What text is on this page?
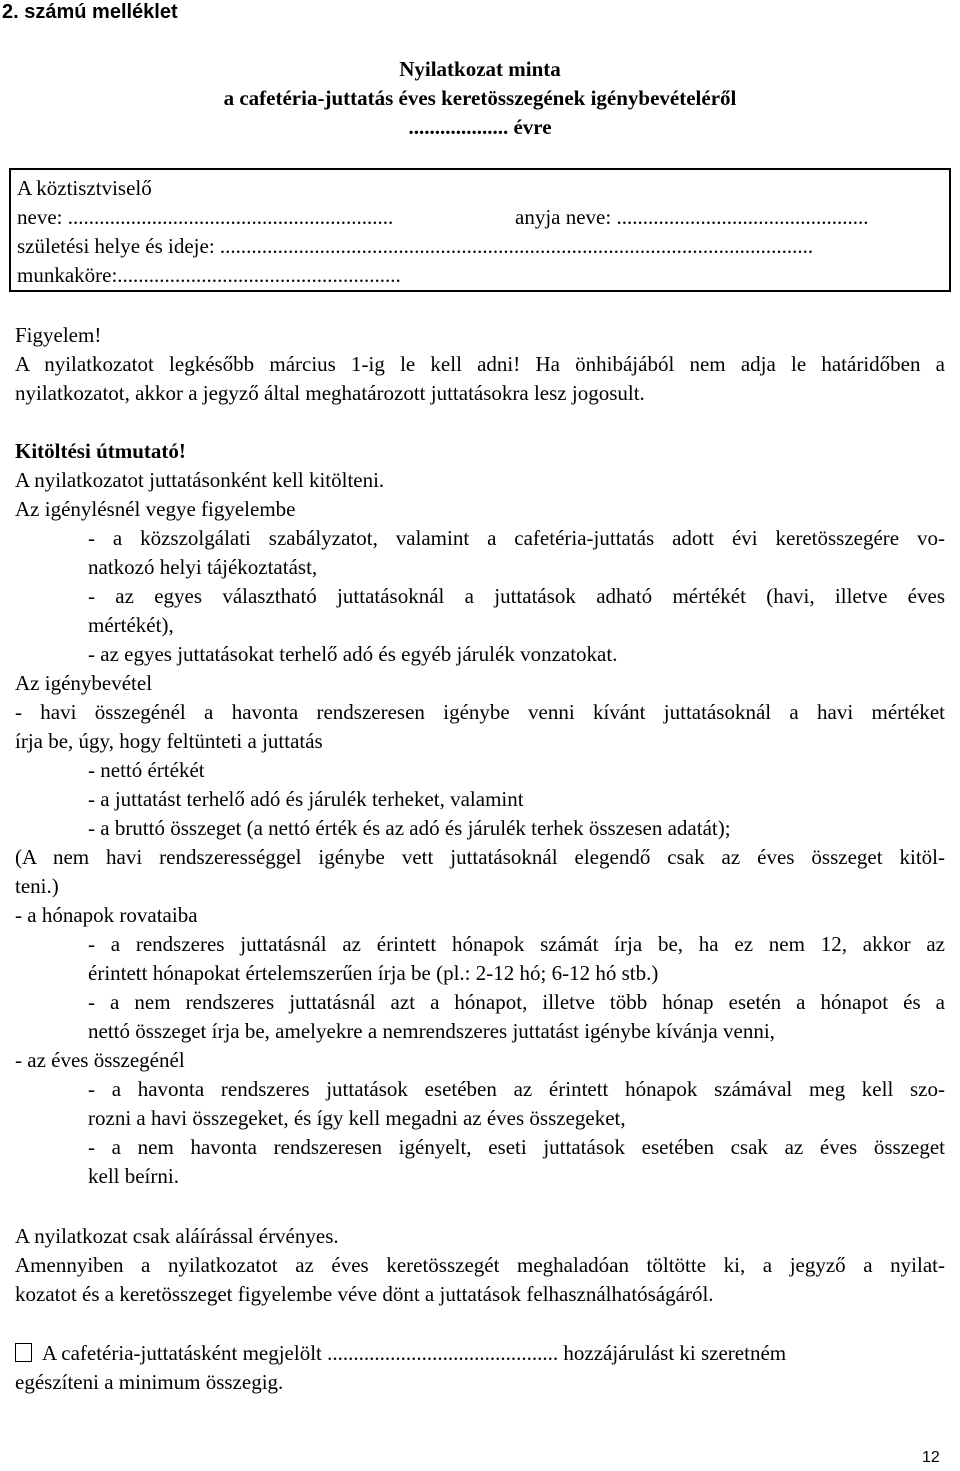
2. számú melléklet
Nyilatkozat minta
a cafetéria-juttatás éves keretösszegének igénybevételéről
................... évre
A köztisztviselő
neve: ..............................................................	anyja neve: ................................................
születési helye és ideje: .................................................................................................................
munkaköre:......................................................
Figyelem!
A nyilatkozatot legkésőbb március 1-ig le kell adni! Ha önhibájából nem adja le határidőben a
nyilatkozatot, akkor a jegyző által meghatározott juttatásokra lesz jogosult.
Kitöltési útmutató!
A nyilatkozatot juttatásonként kell kitölteni.
Az igénylésnél vegye figyelembe
- a közszolgálati szabályzatot, valamint a cafetéria-juttatás adott évi keretösszegére vo-
natkozó helyi tájékoztatást,
- az egyes választható juttatásoknál a juttatások adható mértékét (havi, illetve éves
mértékét),
- az egyes juttatásokat terhelő adó és egyéb járulék vonzatokat.
Az igénybevétel
- havi összegénél a havonta rendszeresen igénybe venni kívánt juttatásoknál a havi mértéket
írja be, úgy, hogy feltünteti a juttatás
- nettó értékét
- a juttatást terhelő adó és járulék terheket, valamint
- a bruttó összeget (a nettó érték és az adó és járulék terhek összesen adatát);
(A nem havi rendszerességgel igénybe vett juttatásoknál elegendő csak az éves összeget kitöl-
teni.)
- a hónapok rovataiba
- a rendszeres juttatásnál az érintett hónapok számát írja be, ha ez nem 12, akkor az
érintett hónapokat értelemszerűen írja be (pl.: 2-12 hó; 6-12 hó stb.)
- a nem rendszeres juttatásnál azt a hónapot, illetve több hónap esetén a hónapot és a
nettó összeget írja be, amelyekre a nemrendszeres juttatást igénybe kívánja venni,
- az éves összegénél
- a havonta rendszeres juttatások esetében az érintett hónapok számával meg kell szo-
rozni a havi összegeket, és így kell megadni az éves összegeket,
- a nem havonta rendszeresen igényelt, eseti juttatások esetében csak az éves összeget
kell beírni.
A nyilatkozat csak aláírással érvényes.
Amennyiben a nyilatkozatot az éves keretösszegét meghaladóan töltötte ki, a jegyző a nyilat-
kozatot és a keretösszeget figyelembe véve dönt a juttatások felhasználhatóságáról.
A cafetéria-juttatásként megjelölt ............................................ hozzájárulást ki szeretném
egészíteni a minimum összegig.
12
